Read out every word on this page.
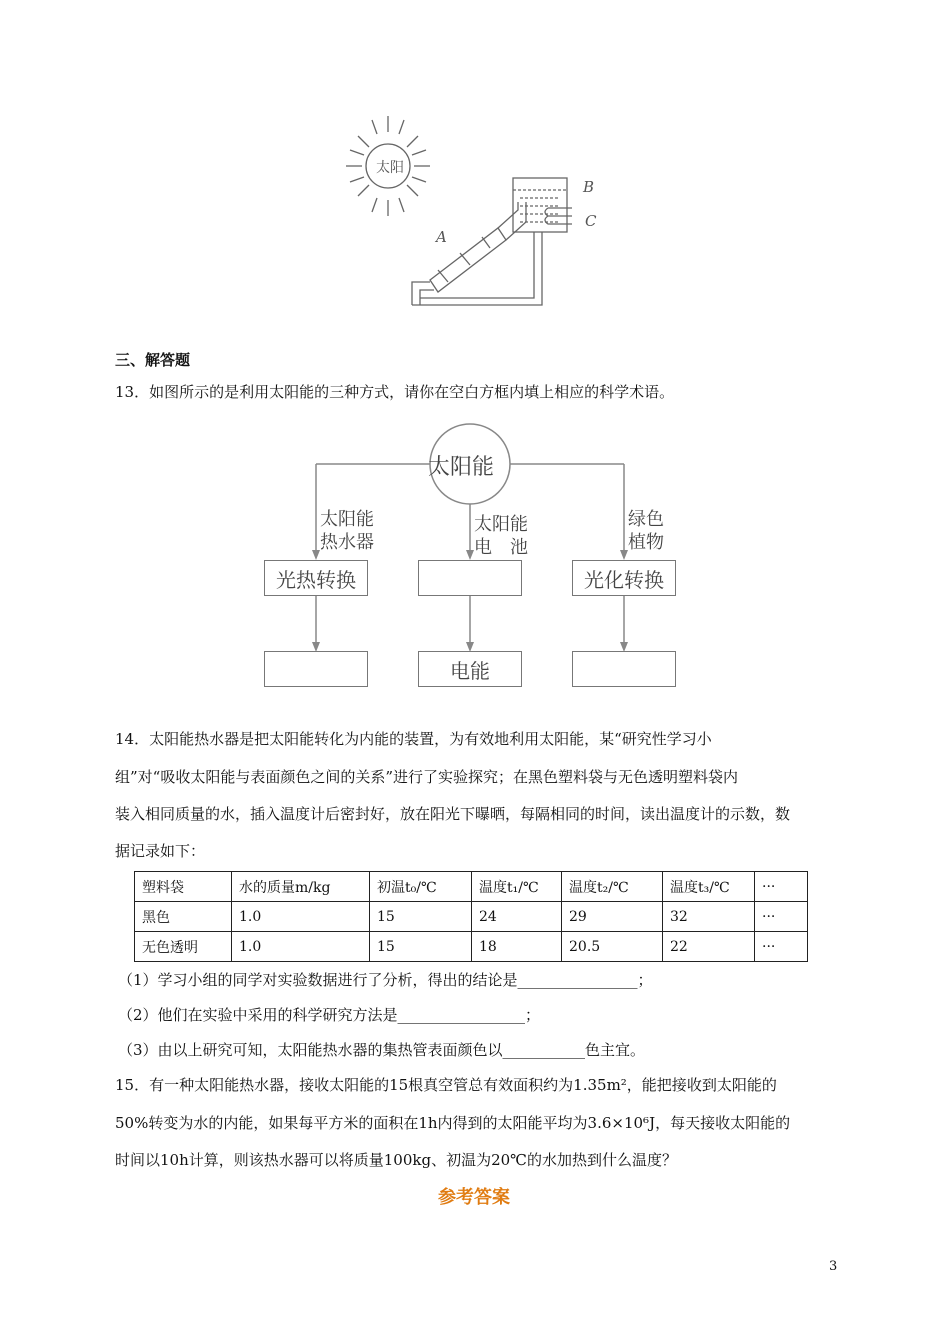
太阳
A
B
C
三、解答题
13．如图所示的是利用太阳能的三种方式，请你在空白方框内填上相应的科学术语。
太阳能
太阳能
热水器
太阳能
电　池
绿色
植物
光热转换	光化转换
电能
14．太阳能热水器是把太阳能转化为内能的装置，为有效地利用太阳能，某“研究性学习小
组”对“吸收太阳能与表面颜色之间的关系”进行了实验探究；在黑色塑料袋与无色透明塑料袋内
装入相同质量的水，插入温度计后密封好，放在阳光下曝晒，每隔相同的时间，读出温度计的示数，数
据记录如下：
塑料袋	水的质量m/kg	初温t₀/℃	温度t₁/℃	温度t₂/℃	温度t₃/℃	···
黑色	1.0	15	24	29	32	···
无色透明	1.0	15	18	20.5	22	···
（1）学习小组的同学对实验数据进行了分析，得出的结论是________________；
（2）他们在实验中采用的科学研究方法是_________________；
（3）由以上研究可知，太阳能热水器的集热管表面颜色以___________色主宜。
15．有一种太阳能热水器，接收太阳能的15根真空管总有效面积约为1.35m²，能把接收到太阳能的
50%转变为水的内能，如果每平方米的面积在1h内得到的太阳能平均为3.6×10⁶J，每天接收太阳能的
时间以10h计算，则该热水器可以将质量100kg、初温为20℃的水加热到什么温度？
参考答案
3
